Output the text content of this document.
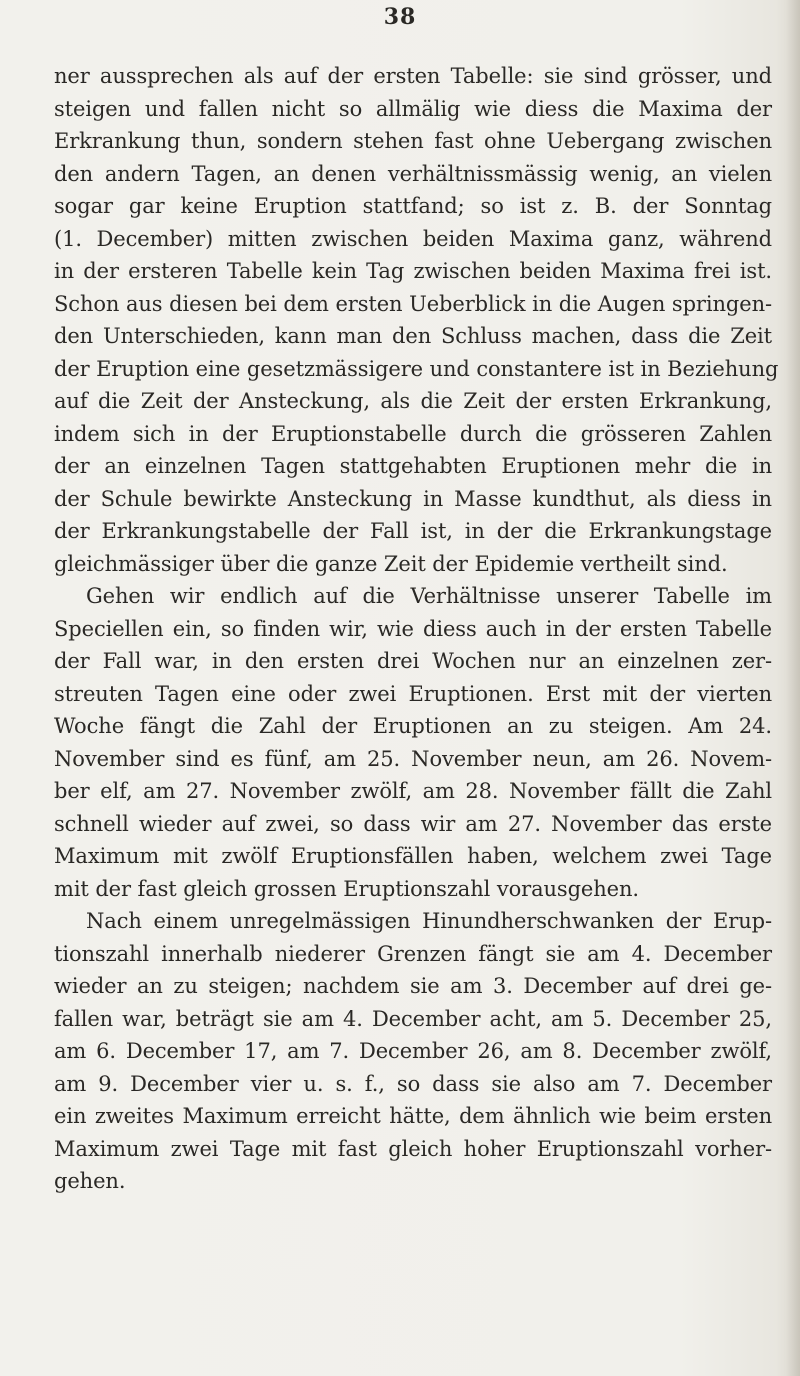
38
ner aussprechen als auf der ersten Tabelle: sie sind grösser, und
steigen und fallen nicht so allmälig wie diess die Maxima der
Erkrankung thun, sondern stehen fast ohne Uebergang zwischen
den andern Tagen, an denen verhältnissmässig wenig, an vielen
sogar gar keine Eruption stattfand; so ist z. B. der Sonntag
(1. December) mitten zwischen beiden Maxima ganz, während
in der ersteren Tabelle kein Tag zwischen beiden Maxima frei ist.
Schon aus diesen bei dem ersten Ueberblick in die Augen springen-
den Unterschieden, kann man den Schluss machen, dass die Zeit
der Eruption eine gesetzmässigere und constantere ist in Beziehung
auf die Zeit der Ansteckung, als die Zeit der ersten Erkrankung,
indem sich in der Eruptionstabelle durch die grösseren Zahlen
der an einzelnen Tagen stattgehabten Eruptionen mehr die in
der Schule bewirkte Ansteckung in Masse kundthut, als diess in
der Erkrankungstabelle der Fall ist, in der die Erkrankungstage
gleichmässiger über die ganze Zeit der Epidemie vertheilt sind.
Gehen wir endlich auf die Verhältnisse unserer Tabelle im
Speciellen ein, so finden wir, wie diess auch in der ersten Tabelle
der Fall war, in den ersten drei Wochen nur an einzelnen zer-
streuten Tagen eine oder zwei Eruptionen. Erst mit der vierten
Woche fängt die Zahl der Eruptionen an zu steigen. Am 24.
November sind es fünf, am 25. November neun, am 26. Novem-
ber elf, am 27. November zwölf, am 28. November fällt die Zahl
schnell wieder auf zwei, so dass wir am 27. November das erste
Maximum mit zwölf Eruptionsfällen haben, welchem zwei Tage
mit der fast gleich grossen Eruptionszahl vorausgehen.
Nach einem unregelmässigen Hinundherschwanken der Erup-
tionszahl innerhalb niederer Grenzen fängt sie am 4. December
wieder an zu steigen; nachdem sie am 3. December auf drei ge-
fallen war, beträgt sie am 4. December acht, am 5. December 25,
am 6. December 17, am 7. December 26, am 8. December zwölf,
am 9. December vier u. s. f., so dass sie also am 7. December
ein zweites Maximum erreicht hätte, dem ähnlich wie beim ersten
Maximum zwei Tage mit fast gleich hoher Eruptionszahl vorher-
gehen.
